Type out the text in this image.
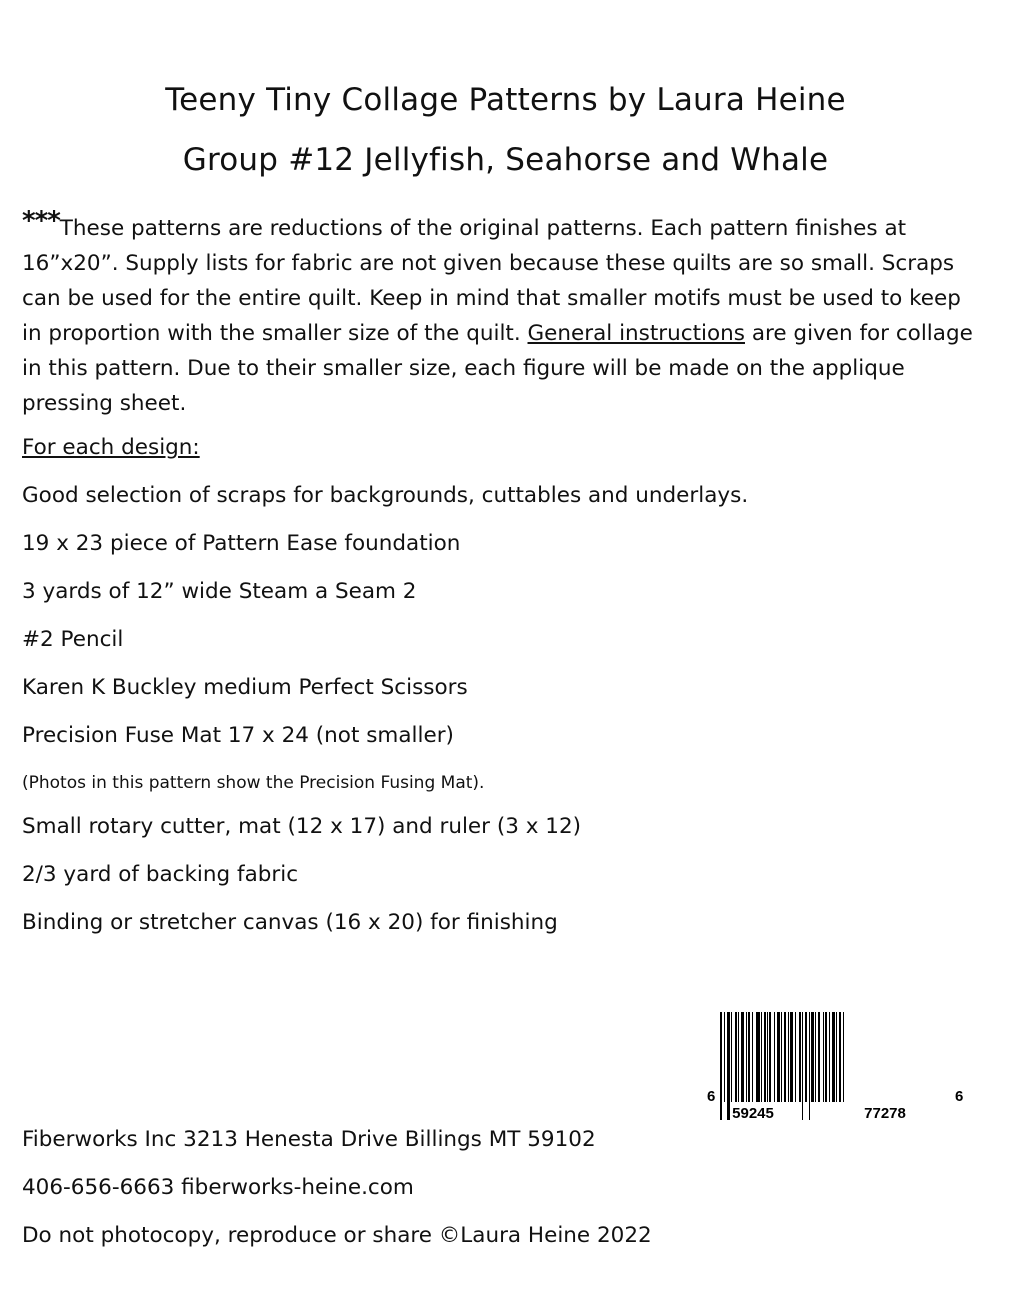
Teeny Tiny Collage Patterns by Laura Heine
Group #12 Jellyfish, Seahorse and Whale
***These patterns are reductions of the original patterns. Each pattern finishes at 16”x20”. Supply lists for fabric are not given because these quilts are so small. Scraps can be used for the entire quilt. Keep in mind that smaller motifs must be used to keep in proportion with the smaller size of the quilt. General instructions are given for collage in this pattern. Due to their smaller size, each figure will be made on the applique pressing sheet.
For each design:
Good selection of scraps for backgrounds, cuttables and underlays.
19 x 23 piece of Pattern Ease foundation
3 yards of 12” wide Steam a Seam 2
#2 Pencil
Karen K Buckley medium Perfect Scissors
Precision Fuse Mat 17 x 24 (not smaller)
(Photos in this pattern show the Precision Fusing Mat).
Small rotary cutter, mat (12 x 17) and ruler (3 x 12)
2/3 yard of backing fabric
Binding or stretcher canvas (16 x 20) for finishing
6
59245	77278
6
Fiberworks Inc 3213 Henesta Drive Billings MT 59102
406-656-6663 fiberworks-heine.com
Do not photocopy, reproduce or share ©Laura Heine 2022
